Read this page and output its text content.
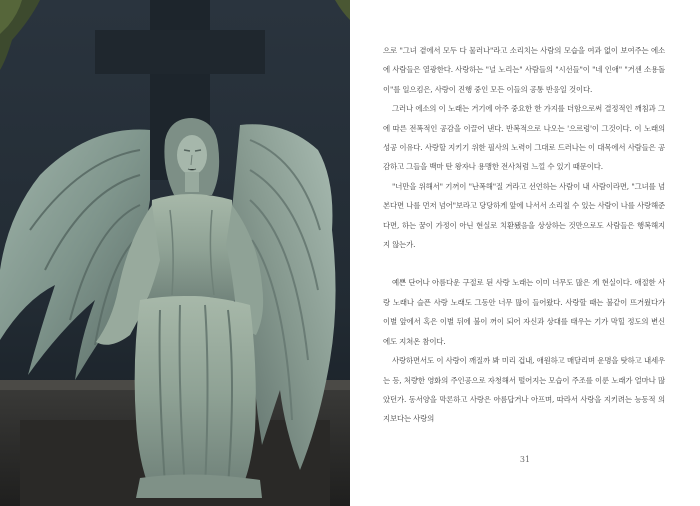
으로 "그녀 곁에서 모두 다 물러나"라고 소리치는 사람의 모습을 여과 없이 보여주는 에소에 사람들은 열광한다. 사랑하는 "널 노리는" 사람들의 "시선들"이 "네 인애" "거센 소용돌이"를 일으킴은, 사랑이 진행 중인 모든 이들의 공통 반응일 것이다.

그러나 에소의 이 노래는 거기에 아주 중요한 한 가지를 더함으로써 결정적인 깨침과 그에 따른 전폭적인 공감을 이끌어 낸다. 반복적으로 나오는 '으르렁'이 그것이다. 이 노래의 성공 이유다. 사랑할 지키기 위한 필사의 노력이 그대로 드러나는 이 대목에서 사람들은 공감하고 그들을 백마 탄 왕자나 용맹한 전사처럼 느낄 수 있기 때문이다.

"너만을 위해서" 기꺼이 "난폭해"질 거라고 선언하는 사람이 내 사람이라면, "그녀를 넘본다면 나를 먼저 넘어"보라고 당당하게 앞에 나서서 소리칠 수 있는 사람이 나를 사랑해준다면, 하는 꿈이 가정이 아닌 현실로 치환됐음을 상상하는 것만으로도 사람들은 행복해지지 않는가.

예쁜 단어나 아름다운 구절로 된 사랑 노래는 이미 너무도 많은 게 현실이다. 애절한 사랑 노래나 슬픈 사랑 노래도 그동안 너무 많이 들어왔다. 사랑할 때는 불같이 뜨거웠다가 이별 앞에서 혹은 이별 뒤에 불이 꺼이 되어 자신과 상대를 태우는 기가 막힐 정도의 변신에도 지쳐온 참이다.

사랑하면서도 이 사랑이 깨질까 봐 미리 겁내, 애원하고 매달리며 운명을 탓하고 내세우는 등, 처량한 영화의 주인공으로 자청해서 떨어지는 모습이 주조를 이룬 노래가 얼마나 많았던가. 동서양을 막론하고 사랑은 아름답거나 아프며, 따라서 사랑을 지키려는 능동적 의지보다는 사랑의

31
